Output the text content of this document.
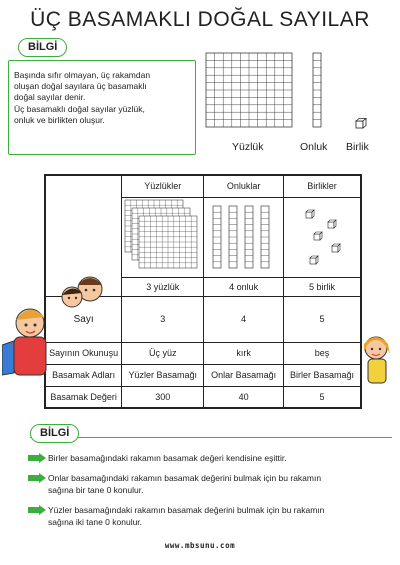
ÜÇ BASAMAKLI DOĞAL SAYILAR
BİLGİ

Başında sıfır olmayan, üç rakamdan

oluşan doğal sayılara üç basamaklı

doğal sayılar denir.

Üç basamaklı doğal sayılar yüzlük,

onluk ve birlikten oluşur.

Yüzlük	Onluk Birlik
	Yüzlükler	Onluklar	Birlikler

	3 yüzlük	4 onluk	5 birlik
Sayı	3	4	5
Sayının Okunuşu	Üç yüz	kırk	beş
Basamak Adları	Yüzler Basamağı	Onlar Basamağı	Birler Basamağı
Basamak Değeri	300	40	5
BİLGİ
Birler basamağındaki rakamın basamak değeri kendisine eşittir.
Onlar basamağındaki rakamın basamak değerini bulmak için bu rakamın
sağına bir tane 0 konulur.
Yüzler basamağındaki rakamın basamak değerini bulmak için bu rakamın
sağına iki tane 0 konulur.
www.mbsunu.com
